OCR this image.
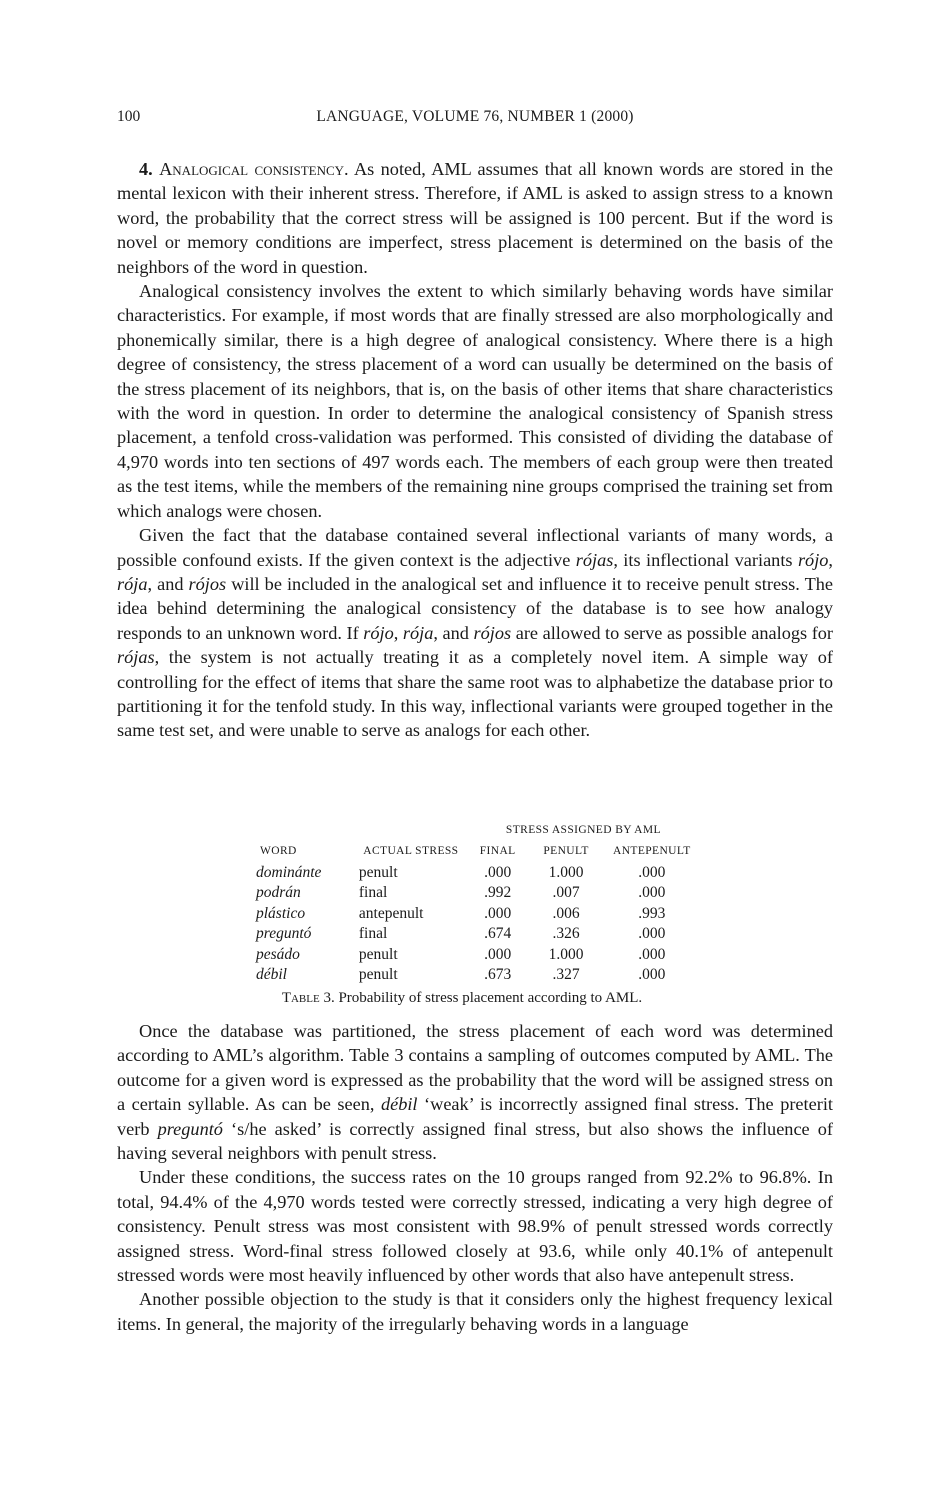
100	LANGUAGE, VOLUME 76, NUMBER 1 (2000)

4. Analogical consistency. As noted, AML assumes that all known words are stored in the mental lexicon with their inherent stress. Therefore, if AML is asked to assign stress to a known word, the probability that the correct stress will be assigned is 100 percent. But if the word is novel or memory conditions are imperfect, stress placement is determined on the basis of the neighbors of the word in question.

Analogical consistency involves the extent to which similarly behaving words have similar characteristics. For example, if most words that are finally stressed are also morphologically and phonemically similar, there is a high degree of analogical consistency. Where there is a high degree of consistency, the stress placement of a word can usually be determined on the basis of the stress placement of its neighbors, that is, on the basis of other items that share characteristics with the word in question. In order to determine the analogical consistency of Spanish stress placement, a tenfold cross-validation was performed. This consisted of dividing the database of 4,970 words into ten sections of 497 words each. The members of each group were then treated as the test items, while the members of the remaining nine groups comprised the training set from which analogs were chosen.

Given the fact that the database contained several inflectional variants of many words, a possible confound exists. If the given context is the adjective rójas, its inflectional variants rójo, rója, and rójos will be included in the analogical set and influence it to receive penult stress. The idea behind determining the analogical consistency of the database is to see how analogy responds to an unknown word. If rójo, rója, and rójos are allowed to serve as possible analogs for rójas, the system is not actually treating it as a completely novel item. A simple way of controlling for the effect of items that share the same root was to alphabetize the database prior to partitioning it for the tenfold study. In this way, inflectional variants were grouped together in the same test set, and were unable to serve as analogs for each other.

		STRESS ASSIGNED BY AML		
WORD	ACTUAL STRESS	FINAL	PENULT	ANTEPENULT
dominánte	penult	.000	1.000	.000
podrán	final	.992	.007	.000
plástico	antepenult	.000	.006	.993
preguntó	final	.674	.326	.000
pesádo	penult	.000	1.000	.000
débil	penult	.673	.327	.000
Table 3. Probability of stress placement according to AML.

Once the database was partitioned, the stress placement of each word was determined according to AML’s algorithm. Table 3 contains a sampling of outcomes computed by AML. The outcome for a given word is expressed as the probability that the word will be assigned stress on a certain syllable. As can be seen, débil ‘weak’ is incorrectly assigned final stress. The preterit verb preguntó ‘s/he asked’ is correctly assigned final stress, but also shows the influence of having several neighbors with penult stress.

Under these conditions, the success rates on the 10 groups ranged from 92.2% to 96.8%. In total, 94.4% of the 4,970 words tested were correctly stressed, indicating a very high degree of consistency. Penult stress was most consistent with 98.9% of penult stressed words correctly assigned stress. Word-final stress followed closely at 93.6, while only 40.1% of antepenult stressed words were most heavily influenced by other words that also have antepenult stress.

Another possible objection to the study is that it considers only the highest frequency lexical items. In general, the majority of the irregularly behaving words in a language
